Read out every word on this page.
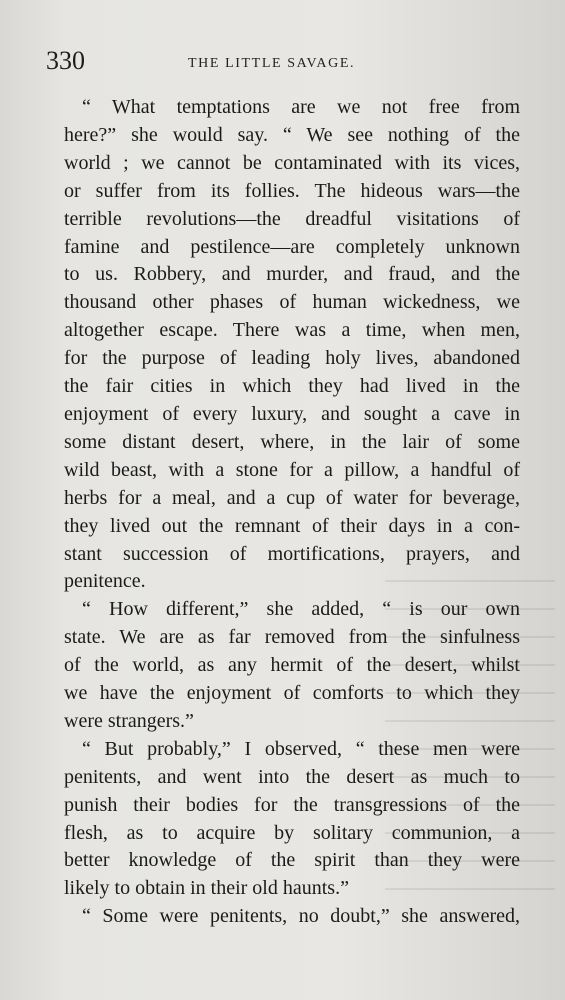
330	THE LITTLE SAVAGE.
“ What temptations are we not free from
here?” she would say. “ We see nothing of the
world ; we cannot be contaminated with its vices,
or suffer from its follies. The hideous wars—the
terrible revolutions—the dreadful visitations of
famine and pestilence—are completely unknown
to us. Robbery, and murder, and fraud, and the
thousand other phases of human wickedness, we
altogether escape. There was a time, when men,
for the purpose of leading holy lives, abandoned
the fair cities in which they had lived in the
enjoyment of every luxury, and sought a cave in
some distant desert, where, in the lair of some
wild beast, with a stone for a pillow, a handful of
herbs for a meal, and a cup of water for beverage,
they lived out the remnant of their days in a con-
stant succession of mortifications, prayers, and
penitence.
“ How different,” she added, “ is our own
state. We are as far removed from the sinfulness
of the world, as any hermit of the desert, whilst
we have the enjoyment of comforts to which they
were strangers.”
“ But probably,” I observed, “ these men were
penitents, and went into the desert as much to
punish their bodies for the transgressions of the
flesh, as to acquire by solitary communion, a
better knowledge of the spirit than they were
likely to obtain in their old haunts.”
“ Some were penitents, no doubt,” she answered,
